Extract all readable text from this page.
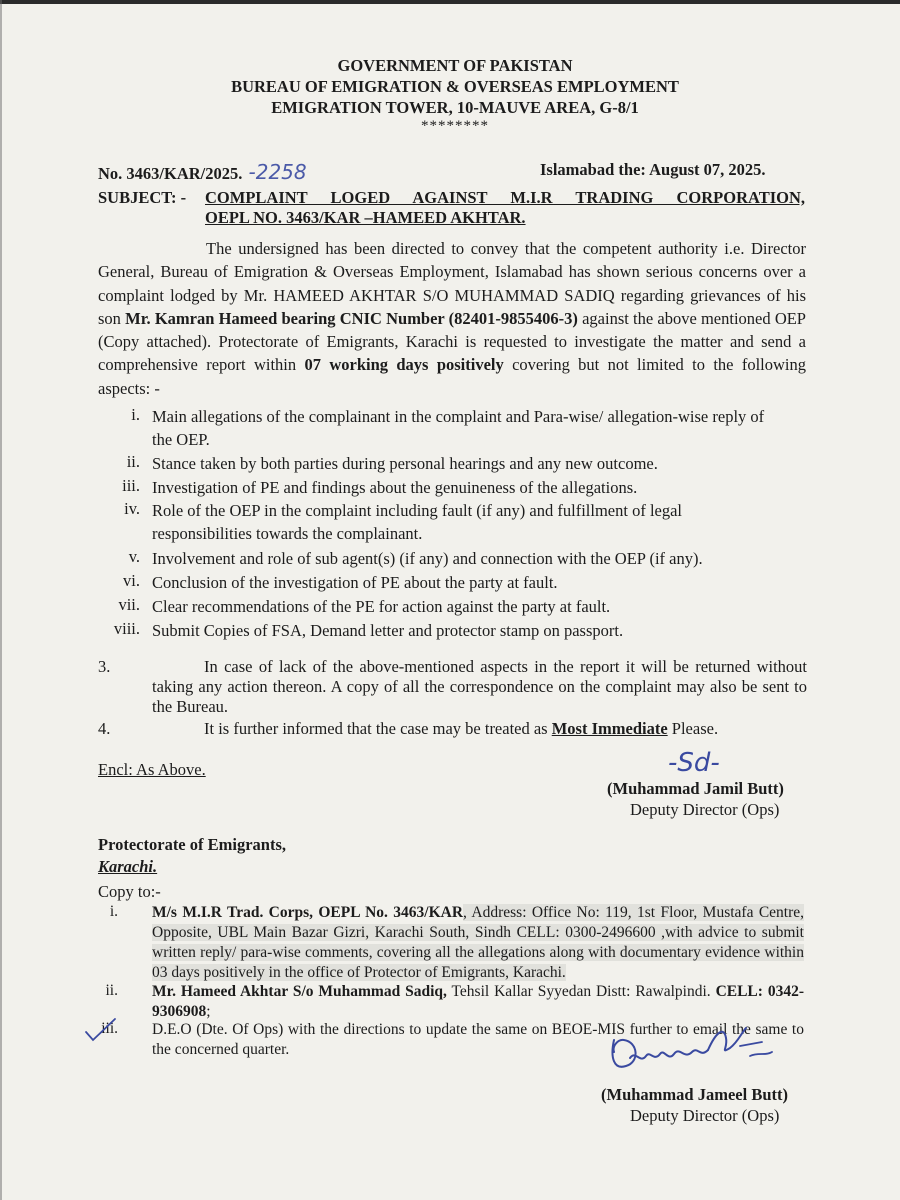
GOVERNMENT OF PAKISTAN
BUREAU OF EMIGRATION & OVERSEAS EMPLOYMENT
EMIGRATION TOWER, 10-MAUVE AREA, G-8/1
********
No. 3463/KAR/2025. -2258	Islamabad the: August 07, 2025.
SUBJECT: - COMPLAINT LOGED AGAINST M.I.R TRADING CORPORATION,
OEPL NO. 3463/KAR –HAMEED AKHTAR.
The undersigned has been directed to convey that the competent authority i.e. Director General, Bureau of Emigration & Overseas Employment, Islamabad has shown serious concerns over a complaint lodged by Mr. HAMEED AKHTAR S/O MUHAMMAD SADIQ regarding grievances of his son Mr. Kamran Hameed bearing CNIC Number (82401-9855406-3) against the above mentioned OEP (Copy attached). Protectorate of Emigrants, Karachi is requested to investigate the matter and send a comprehensive report within 07 working days positively covering but not limited to the following aspects: -
i. Main allegations of the complainant in the complaint and Para-wise/ allegation-wise reply of the OEP.
ii. Stance taken by both parties during personal hearings and any new outcome.
iii. Investigation of PE and findings about the genuineness of the allegations.
iv. Role of the OEP in the complaint including fault (if any) and fulfillment of legal responsibilities towards the complainant.
v. Involvement and role of sub agent(s) (if any) and connection with the OEP (if any).
vi. Conclusion of the investigation of PE about the party at fault.
vii. Clear recommendations of the PE for action against the party at fault.
viii. Submit Copies of FSA, Demand letter and protector stamp on passport.
3.	In case of lack of the above-mentioned aspects in the report it will be returned without taking any action thereon. A copy of all the correspondence on the complaint may also be sent to the Bureau.
4.	It is further informed that the case may be treated as Most Immediate Please.
Encl: As Above.	-Sd-
(Muhammad Jamil Butt)
Deputy Director (Ops)
Protectorate of Emigrants,
Karachi.
Copy to:-
i. M/s M.I.R Trad. Corps, OEPL No. 3463/KAR, Address: Office No: 119, 1st Floor, Mustafa Centre, Opposite, UBL Main Bazar Gizri, Karachi South, Sindh CELL: 0300-2496600 ,with advice to submit written reply/ para-wise comments, covering all the allegations along with documentary evidence within 03 days positively in the office of Protector of Emigrants, Karachi.
ii. Mr. Hameed Akhtar S/o Muhammad Sadiq, Tehsil Kallar Syyedan Distt: Rawalpindi. CELL: 0342-9306908;
iii. D.E.O (Dte. Of Ops) with the directions to update the same on BEOE-MIS further to email the same to the concerned quarter.
(Muhammad Jameel Butt)
Deputy Director (Ops)
